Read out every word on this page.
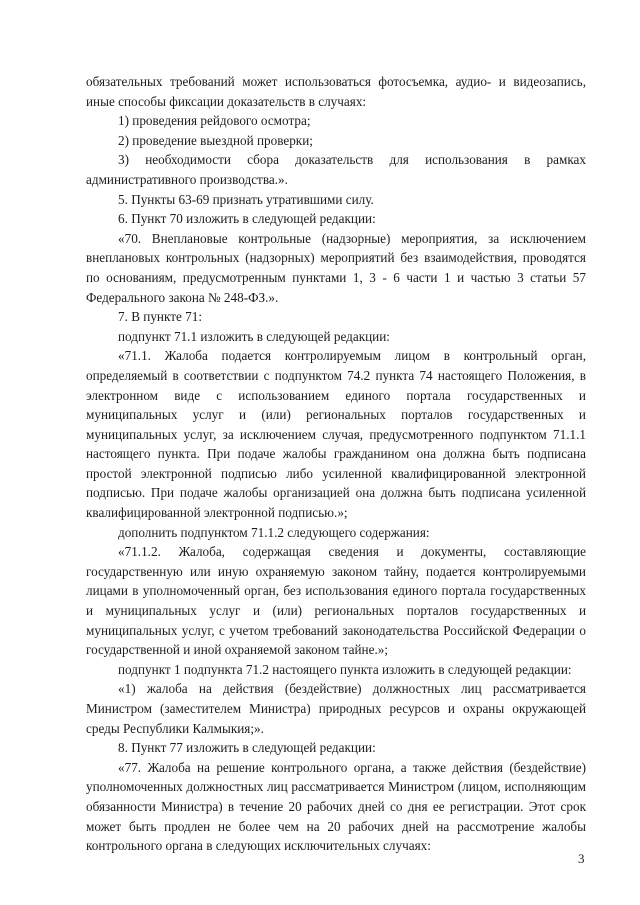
обязательных требований может использоваться фотосъемка, аудио- и видеозапись, иные способы фиксации доказательств в случаях:

1) проведения рейдового осмотра;

2) проведение выездной проверки;

3) необходимости сбора доказательств для использования в рамках административного производства.».

5. Пункты 63-69 признать утратившими силу.

6. Пункт 70 изложить в следующей редакции:

«70. Внеплановые контрольные (надзорные) мероприятия, за исключением внеплановых контрольных (надзорных) мероприятий без взаимодействия, проводятся по основаниям, предусмотренным пунктами 1, 3 - 6 части 1 и частью 3 статьи 57 Федерального закона № 248-ФЗ.».

7. В пункте 71:

подпункт 71.1 изложить в следующей редакции:

«71.1. Жалоба подается контролируемым лицом в контрольный орган, определяемый в соответствии с подпунктом 74.2 пункта 74 настоящего Положения, в электронном виде с использованием единого портала государственных и муниципальных услуг и (или) региональных порталов государственных и муниципальных услуг, за исключением случая, предусмотренного подпунктом 71.1.1 настоящего пункта. При подаче жалобы гражданином она должна быть подписана простой электронной подписью либо усиленной квалифицированной электронной подписью. При подаче жалобы организацией она должна быть подписана усиленной квалифицированной электронной подписью.»;

дополнить подпунктом 71.1.2 следующего содержания:

«71.1.2. Жалоба, содержащая сведения и документы, составляющие государственную или иную охраняемую законом тайну, подается контролируемыми лицами в уполномоченный орган, без использования единого портала государственных и муниципальных услуг и (или) региональных порталов государственных и муниципальных услуг, с учетом требований законодательства Российской Федерации о государственной и иной охраняемой законом тайне.»;

подпункт 1 подпункта 71.2 настоящего пункта изложить в следующей редакции:

«1) жалоба на действия (бездействие) должностных лиц рассматривается Министром (заместителем Министра) природных ресурсов и охраны окружающей среды Республики Калмыкия;».

8. Пункт 77 изложить в следующей редакции:

«77. Жалоба на решение контрольного органа, а также действия (бездействие) уполномоченных должностных лиц рассматривается Министром (лицом, исполняющим обязанности Министра) в течение 20 рабочих дней со дня ее регистрации. Этот срок может быть продлен не более чем на 20 рабочих дней на рассмотрение жалобы контрольного органа в следующих исключительных случаях:

3
